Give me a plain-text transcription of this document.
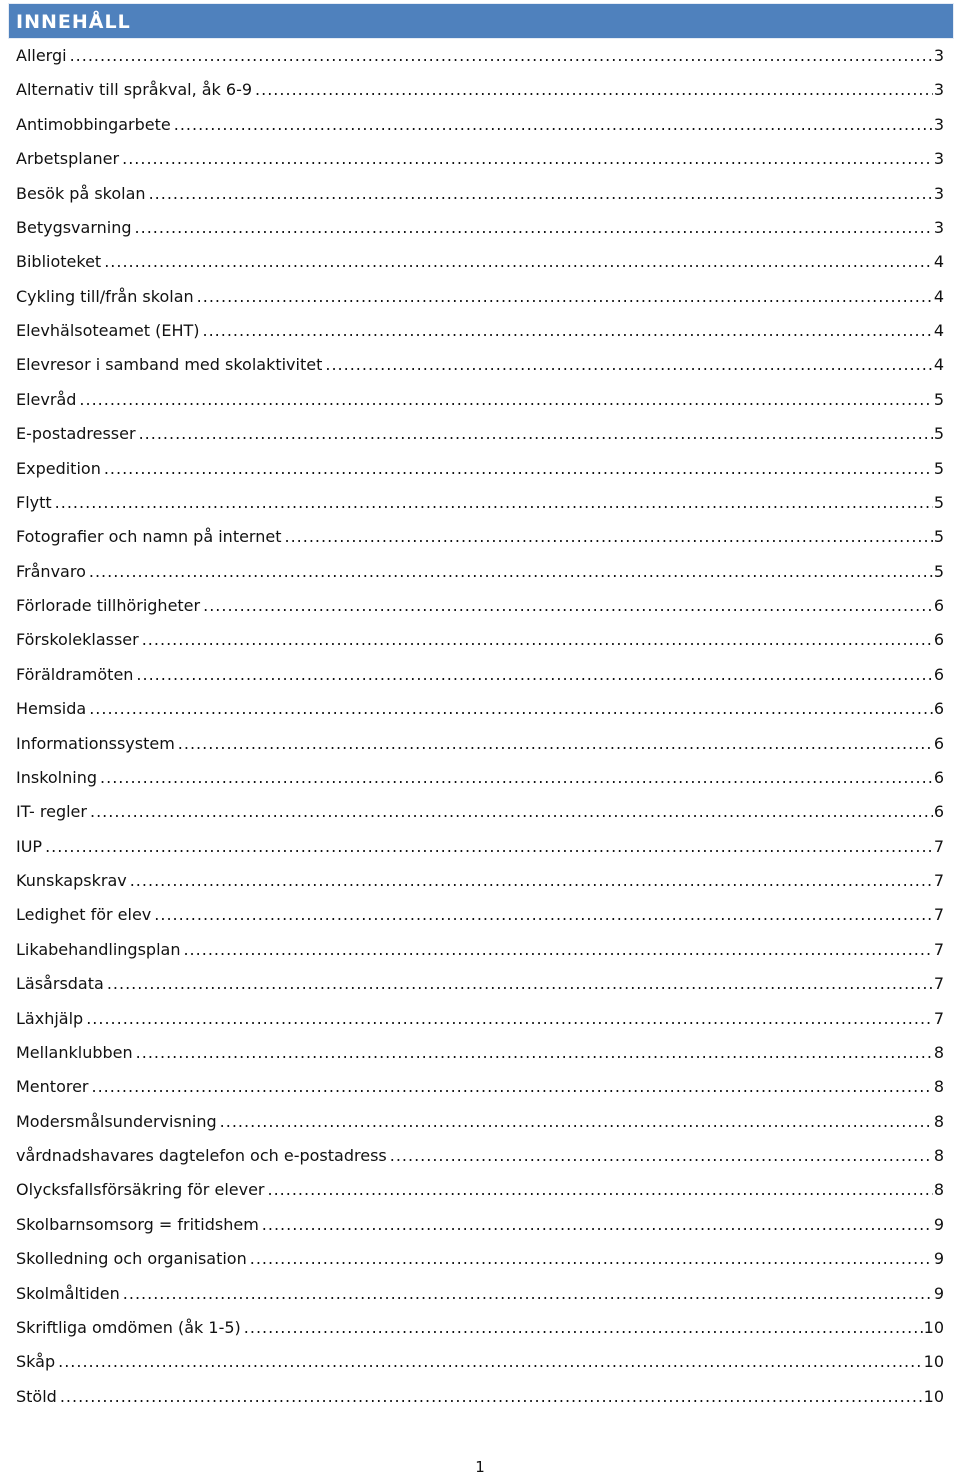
INNEHÅLL
Allergi .....	3
Alternativ till språkval, åk 6-9 .....	3
Antimobbingarbete .....	3
Arbetsplaner .....	3
Besök på skolan .....	3
Betygsvarning .....	3
Biblioteket .....	4
Cykling till/från skolan .....	4
Elevhälsoteamet (EHT) .....	4
Elevresor i samband med skolaktivitet .....	4
Elevråd .....	5
E-postadresser .....	5
Expedition .....	5
Flytt .....	5
Fotografier och namn på internet .....	5
Frånvaro .....	5
Förlorade tillhörigheter .....	6
Förskoleklasser .....	6
Föräldramöten .....	6
Hemsida .....	6
Informationssystem .....	6
Inskolning .....	6
IT- regler .....	6
IUP .....	7
Kunskapskrav .....	7
Ledighet för elev .....	7
Likabehandlingsplan .....	7
Läsårsdata .....	7
Läxhjälp .....	7
Mellanklubben .....	8
Mentorer .....	8
Modersmålsundervisning .....	8
vårdnadshavares dagtelefon och e-postadress .....	8
Olycksfallsförsäkring för elever .....	8
Skolbarnsomsorg = fritidshem .....	9
Skolledning och organisation .....	9
Skolmåltiden .....	9
Skriftliga omdömen (åk 1-5) .....	10
Skåp .....	10
Stöld .....	10
1
